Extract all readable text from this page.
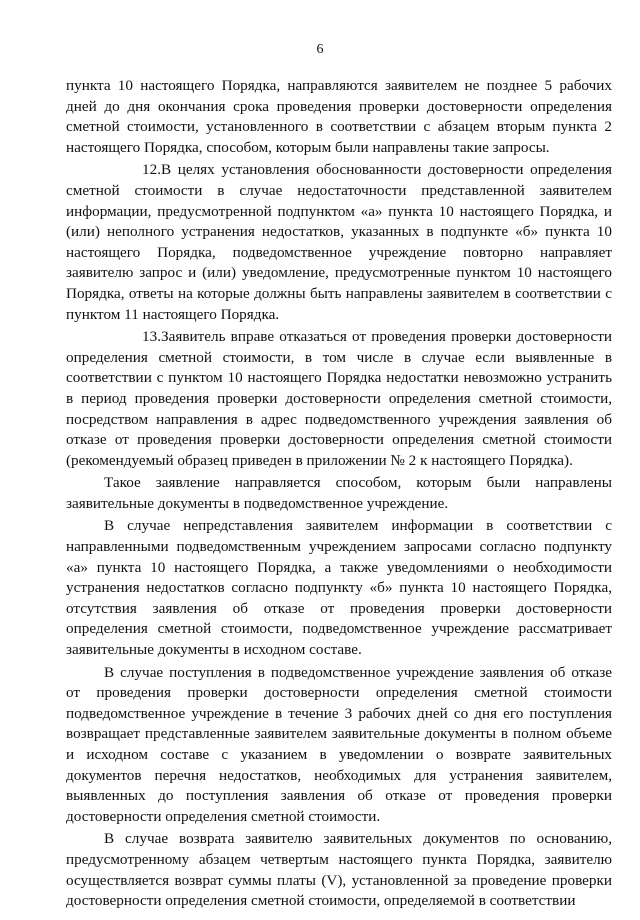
6

пункта 10 настоящего Порядка, направляются заявителем не позднее 5 рабочих дней до дня окончания срока проведения проверки достоверности определения сметной стоимости, установленного в соответствии с абзацем вторым пункта 2 настоящего Порядка, способом, которым были направлены такие запросы.

12.В целях установления обоснованности достоверности определения сметной стоимости в случае недостаточности представленной заявителем информации, предусмотренной подпунктом «а» пункта 10 настоящего Порядка, и (или) неполного устранения недостатков, указанных в подпункте «б» пункта 10 настоящего Порядка, подведомственное учреждение повторно направляет заявителю запрос и (или) уведомление, предусмотренные пунктом 10 настоящего Порядка, ответы на которые должны быть направлены заявителем в соответствии с пунктом 11 настоящего Порядка.

13.Заявитель вправе отказаться от проведения проверки достоверности определения сметной стоимости, в том числе в случае если выявленные в соответствии с пунктом 10 настоящего Порядка недостатки невозможно устранить в период проведения проверки достоверности определения сметной стоимости, посредством направления в адрес подведомственного учреждения заявления об отказе от проведения проверки достоверности определения сметной стоимости (рекомендуемый образец приведен в приложении № 2 к настоящего Порядка).

Такое заявление направляется способом, которым были направлены заявительные документы в подведомственное учреждение.

В случае непредставления заявителем информации в соответствии с направленными подведомственным учреждением запросами согласно подпункту «а» пункта 10 настоящего Порядка, а также уведомлениями о необходимости устранения недостатков согласно подпункту «б» пункта 10 настоящего Порядка, отсутствия заявления об отказе от проведения проверки достоверности определения сметной стоимости, подведомственное учреждение рассматривает заявительные документы в исходном составе.

В случае поступления в подведомственное учреждение заявления об отказе от проведения проверки достоверности определения сметной стоимости подведомственное учреждение в течение 3 рабочих дней со дня его поступления возвращает представленные заявителем заявительные документы в полном объеме и исходном составе с указанием в уведомлении о возврате заявительных документов перечня недостатков, необходимых для устранения заявителем, выявленных до поступления заявления об отказе от проведения проверки достоверности определения сметной стоимости.

В случае возврата заявителю заявительных документов по основанию, предусмотренному абзацем четвертым настоящего пункта Порядка, заявителю осуществляется возврат суммы платы (V), установленной за проведение проверки достоверности определения сметной стоимости, определяемой в соответствии
